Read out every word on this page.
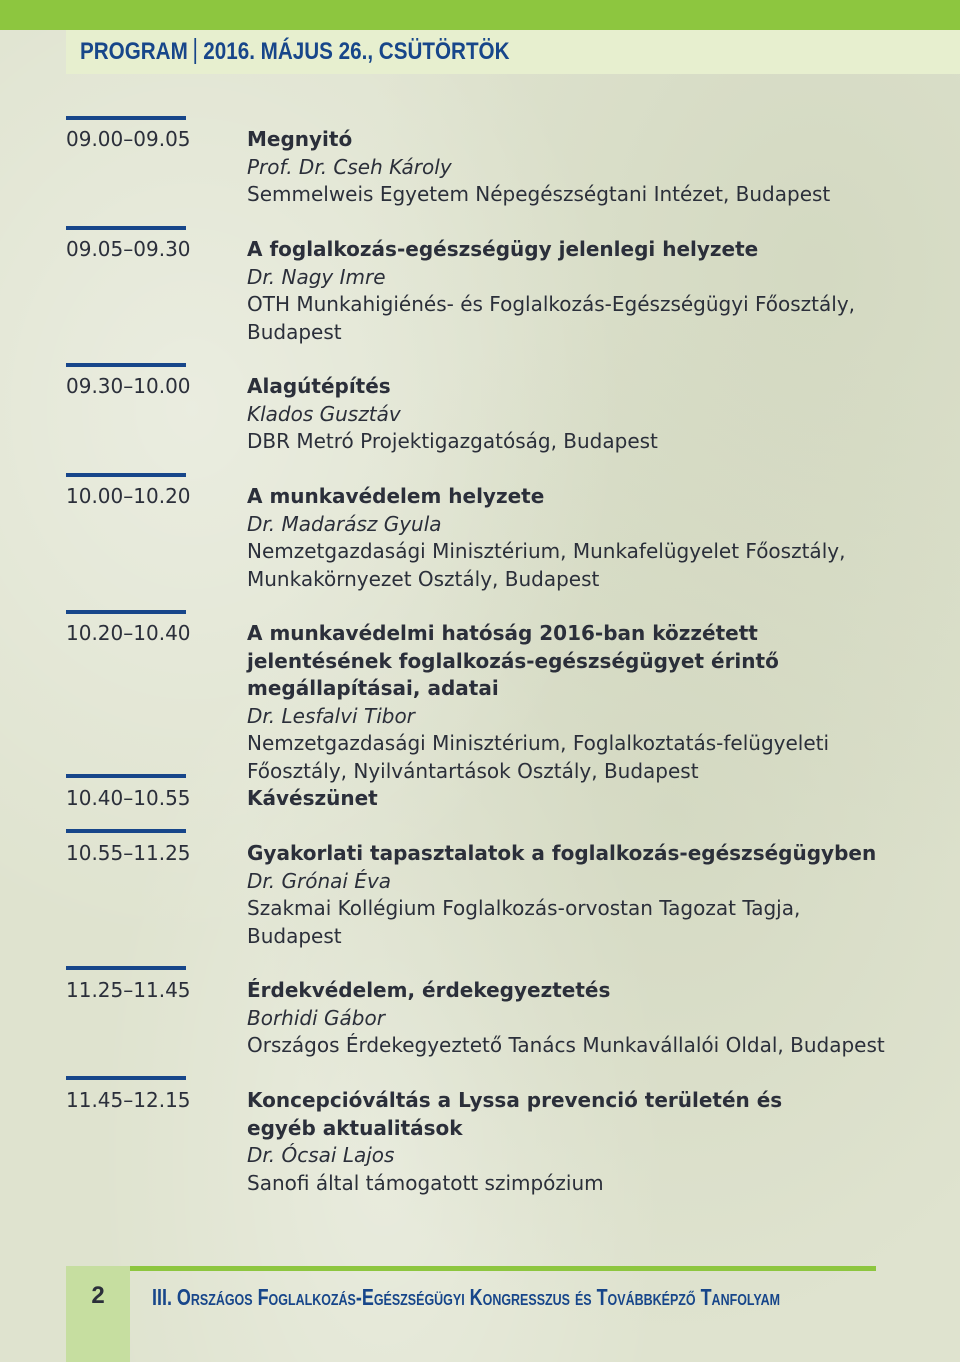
PROGRAM 2016. MÁJUS 26., CSÜTÖRTÖK
09.00–09.05	Megnyitó
Prof. Dr. Cseh Károly
Semmelweis Egyetem Népegészségtani Intézet, Budapest
09.05–09.30	A foglalkozás-egészségügy jelenlegi helyzete
Dr. Nagy Imre
OTH Munkahigiénés- és Foglalkozás-Egészségügyi Főosztály, Budapest
09.30–10.00	Alagútépítés
Klados Gusztáv
DBR Metró Projektigazgatóság, Budapest
10.00–10.20	A munkavédelem helyzete
Dr. Madarász Gyula
Nemzetgazdasági Minisztérium, Munkafelügyelet Főosztály, Munkakörnyezet Osztály, Budapest
10.20–10.40	A munkavédelmi hatóság 2016-ban közzétett jelentésének foglalkozás-egészségügyet érintő megállapításai, adatai
Dr. Lesfalvi Tibor
Nemzetgazdasági Minisztérium, Foglalkoztatás-felügyeleti Főosztály, Nyilvántartások Osztály, Budapest
10.40–10.55	Kávészünet
10.55–11.25	Gyakorlati tapasztalatok a foglalkozás-egészségügyben
Dr. Grónai Éva
Szakmai Kollégium Foglalkozás-orvostan Tagozat Tagja, Budapest
11.25–11.45	Érdekvédelem, érdekegyeztetés
Borhidi Gábor
Országos Érdekegyeztető Tanács Munkavállalói Oldal, Budapest
11.45–12.15	Koncepcióváltás a Lyssa prevenció területén és egyéb aktualitások
Dr. Ócsai Lajos
Sanofi által támogatott szimpózium
2	III. Országos Foglalkozás-Egészségügyi Kongresszus és Továbbképző Tanfolyam
